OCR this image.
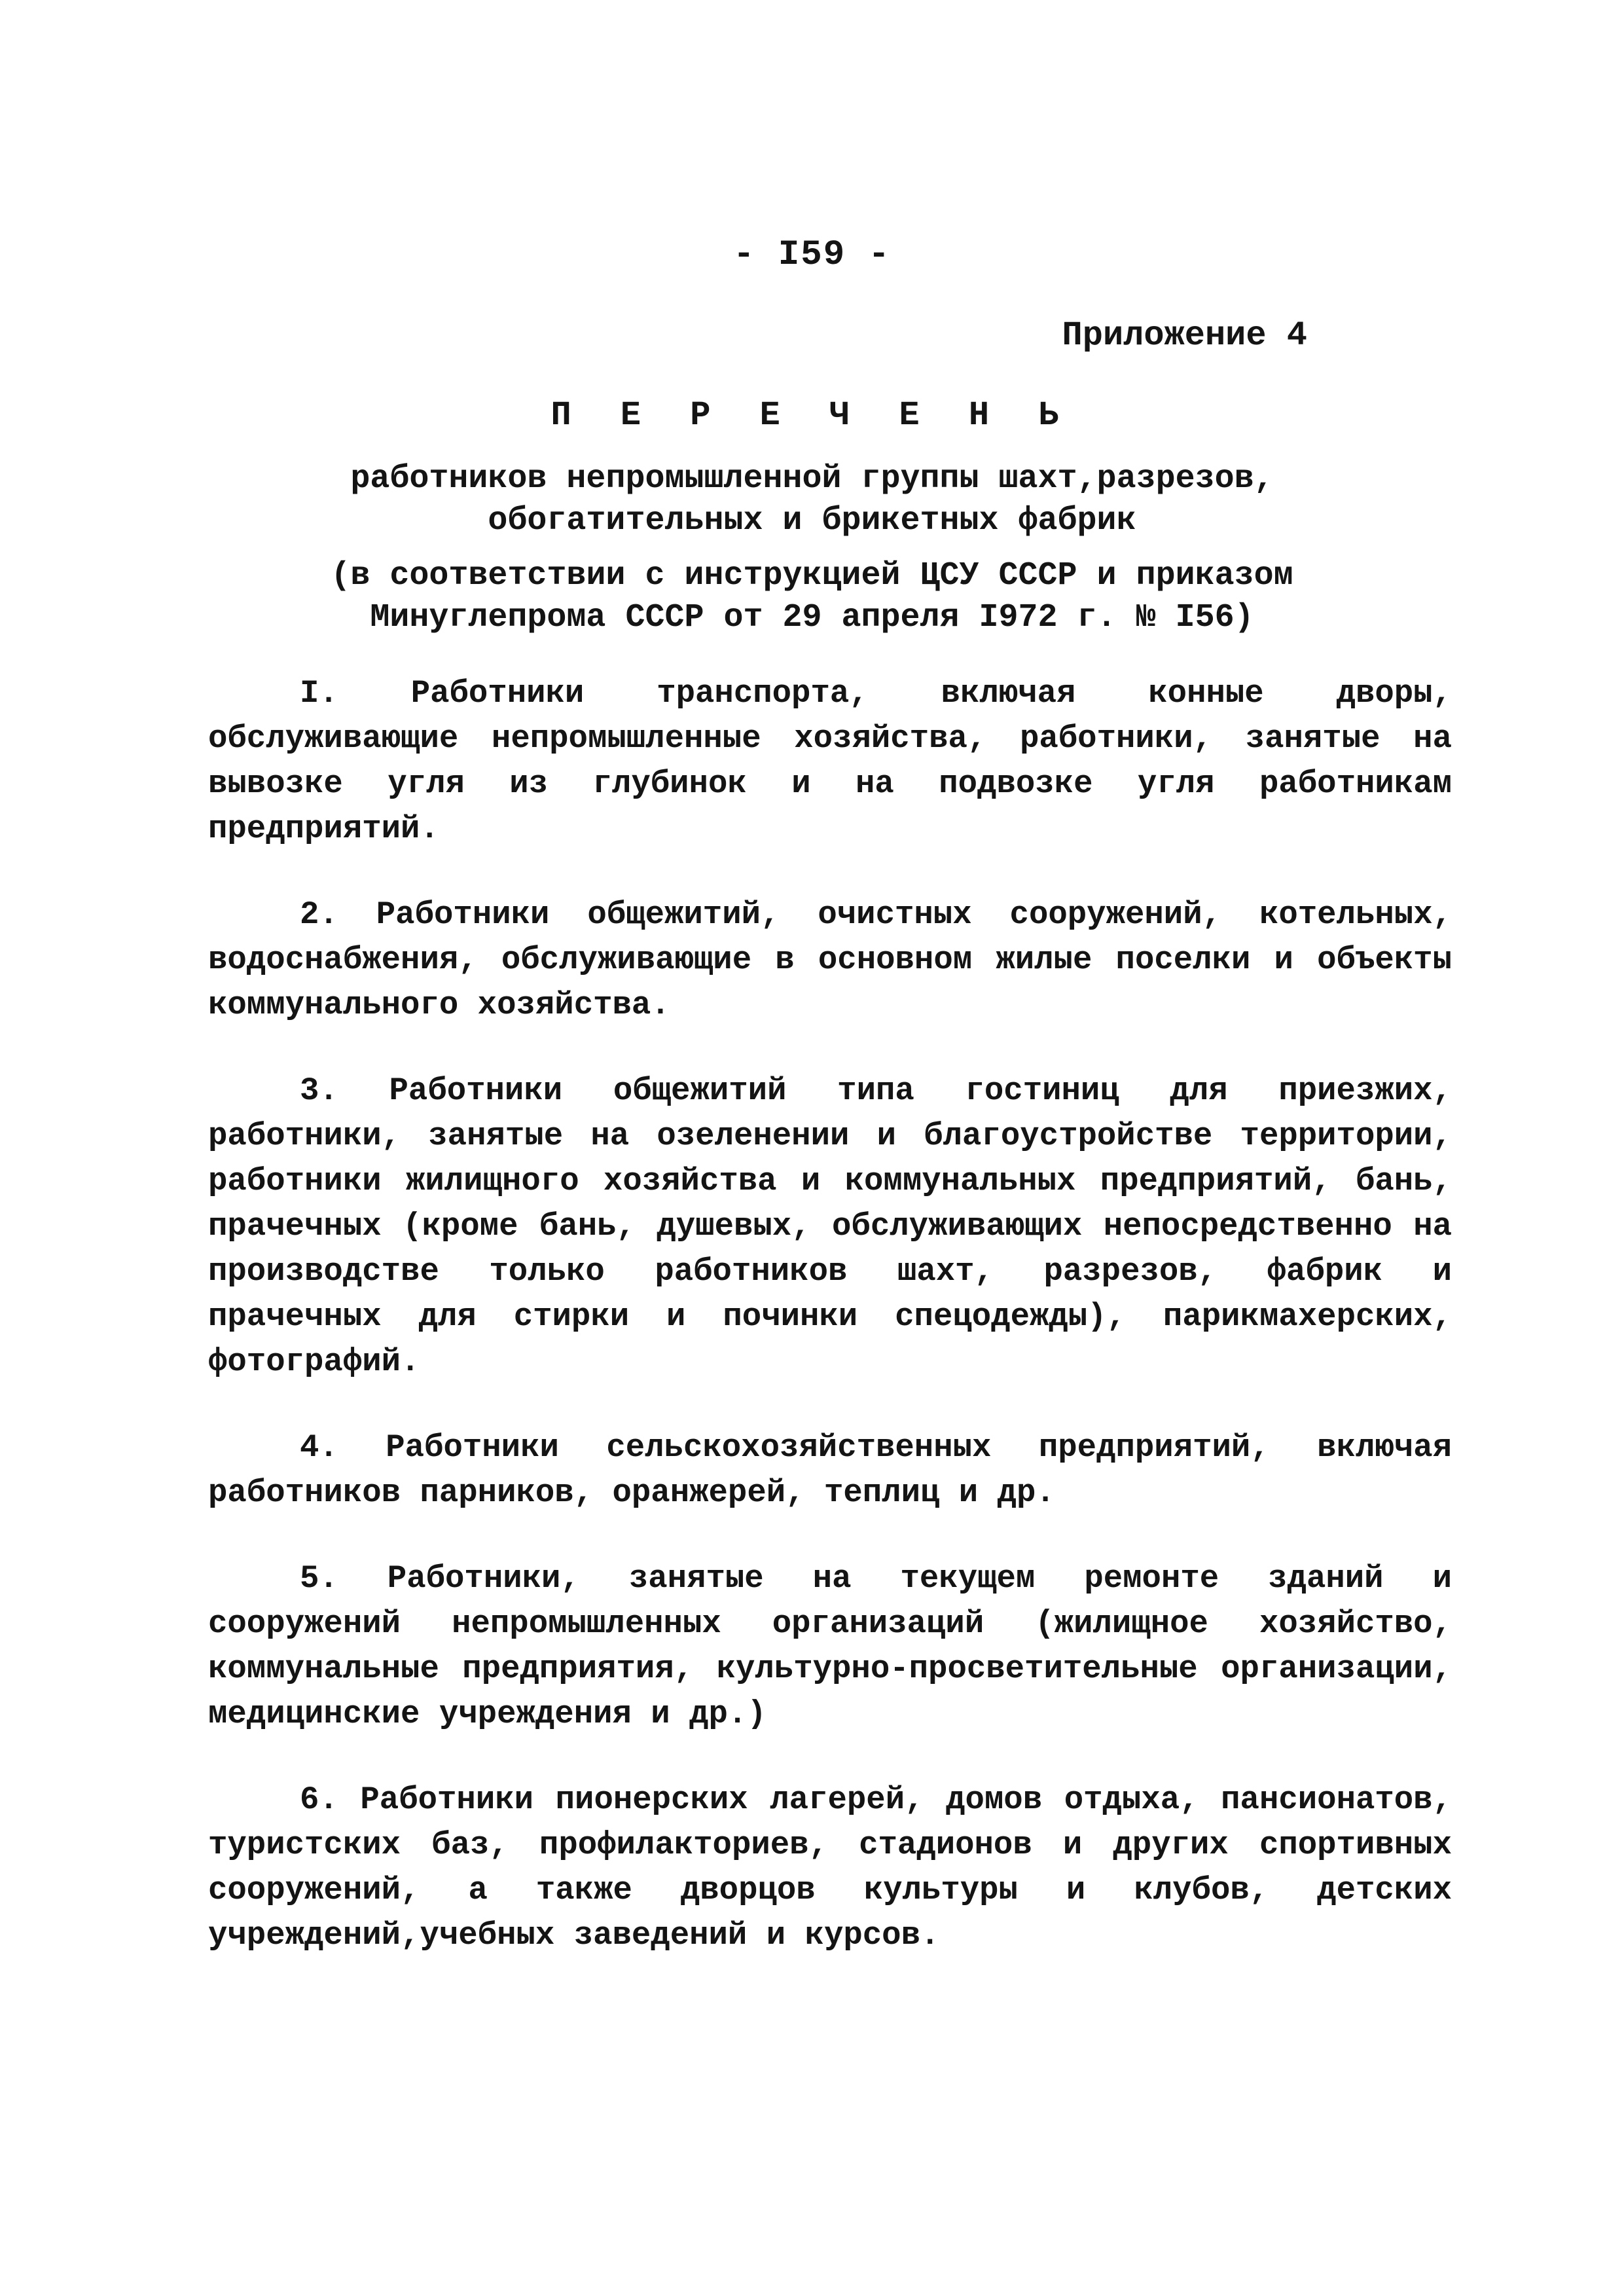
- I59 -
Приложение 4
П Е Р Е Ч Е Н Ь
работников непромышленной группы шахт,разрезов,
обогатительных и брикетных фабрик
(в соответствии с инструкцией ЦСУ СССР и приказом
Минуглепрома СССР от 29 апреля I972 г. № I56)

I. Работники транспорта, включая конные дворы, обслуживающие непромышленные хозяйства, работники, занятые на вывозке угля из глубинок и на подвозке угля работникам предприятий.

2. Работники общежитий, очистных сооружений, котельных, водоснабжения, обслуживающие в основном жилые поселки и объекты коммунального хозяйства.

3. Работники общежитий типа гостиниц для приезжих, работники, занятые на озеленении и благоустройстве территории, работники жилищного хозяйства и коммунальных предприятий, бань, прачечных (кроме бань, душевых, обслуживающих непосредственно на производстве только работников шахт, разрезов, фабрик и прачечных для стирки и починки спецодежды), парикмахерских, фотографий.

4. Работники сельскохозяйственных предприятий, включая работников парников, оранжерей, теплиц и др.

5. Работники, занятые на текущем ремонте зданий и сооружений непромышленных организаций (жилищное хозяйство, коммунальные предприятия, культурно-просветительные организации, медицинские учреждения и др.)

6. Работники пионерских лагерей, домов отдыха, пансионатов, туристских баз, профилакториев, стадионов и других спортивных сооружений, а также дворцов культуры и клубов, детских учреждений,учебных заведений и курсов.
